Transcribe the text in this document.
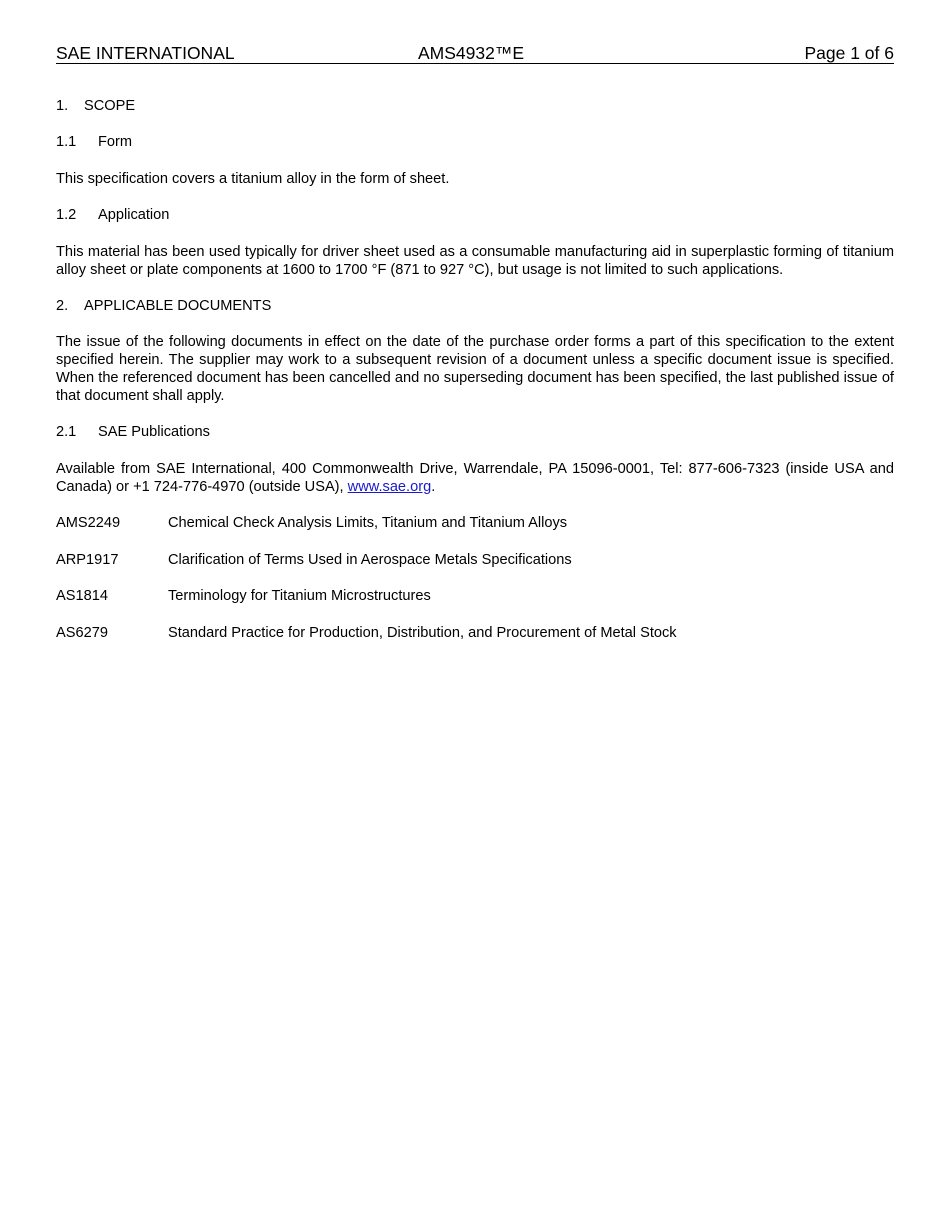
SAE INTERNATIONAL	AMS4932™E	Page 1 of 6
1. SCOPE
1.1 Form
This specification covers a titanium alloy in the form of sheet.
1.2 Application
This material has been used typically for driver sheet used as a consumable manufacturing aid in superplastic forming of titanium alloy sheet or plate components at 1600 to 1700 °F (871 to 927 °C), but usage is not limited to such applications.
2. APPLICABLE DOCUMENTS
The issue of the following documents in effect on the date of the purchase order forms a part of this specification to the extent specified herein. The supplier may work to a subsequent revision of a document unless a specific document issue is specified. When the referenced document has been cancelled and no superseding document has been specified, the last published issue of that document shall apply.
2.1 SAE Publications
Available from SAE International, 400 Commonwealth Drive, Warrendale, PA 15096-0001, Tel: 877-606-7323 (inside USA and Canada) or +1 724-776-4970 (outside USA), www.sae.org.
AMS2249	Chemical Check Analysis Limits, Titanium and Titanium Alloys
ARP1917	Clarification of Terms Used in Aerospace Metals Specifications
AS1814	Terminology for Titanium Microstructures
AS6279	Standard Practice for Production, Distribution, and Procurement of Metal Stock
